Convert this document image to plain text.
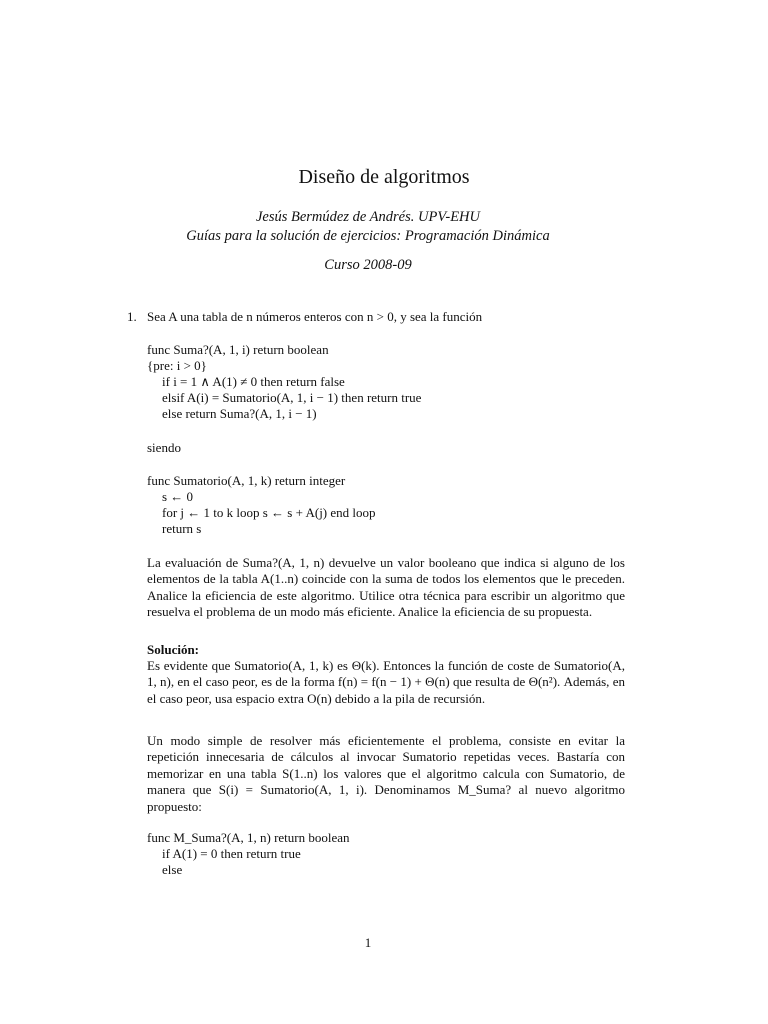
Diseño de algoritmos
Jesús Bermúdez de Andrés. UPV-EHU
Guías para la solución de ejercicios: Programación Dinámica
Curso 2008-09
1. Sea A una tabla de n números enteros con n > 0, y sea la función
func Suma?(A, 1, i) return boolean
{pre: i > 0}
if i = 1 ∧ A(1) ≠ 0 then return false
elsif A(i) = Sumatorio(A, 1, i − 1) then return true
else return Suma?(A, 1, i − 1)
siendo
func Sumatorio(A, 1, k) return integer
s ← 0
for j ← 1 to k loop s ← s + A(j) end loop
return s
La evaluación de Suma?(A, 1, n) devuelve un valor booleano que indica si alguno de los elementos de la tabla A(1..n) coincide con la suma de todos los elementos que le preceden. Analice la eficiencia de este algoritmo. Utilice otra técnica para escribir un algoritmo que resuelva el problema de un modo más eficiente. Analice la eficiencia de su propuesta.
Solución:
Es evidente que Sumatorio(A, 1, k) es Θ(k). Entonces la función de coste de Sumatorio(A, 1, n), en el caso peor, es de la forma f(n) = f(n − 1) + Θ(n) que resulta de Θ(n²). Además, en el caso peor, usa espacio extra O(n) debido a la pila de recursión.
Un modo simple de resolver más eficientemente el problema, consiste en evitar la repetición innecesaria de cálculos al invocar Sumatorio repetidas veces. Bastaría con memorizar en una tabla S(1..n) los valores que el algoritmo calcula con Sumatorio, de manera que S(i) = Sumatorio(A, 1, i). Denominamos M_Suma? al nuevo algoritmo propuesto:
func M_Suma?(A, 1, n) return boolean
if A(1) = 0 then return true
else
1
